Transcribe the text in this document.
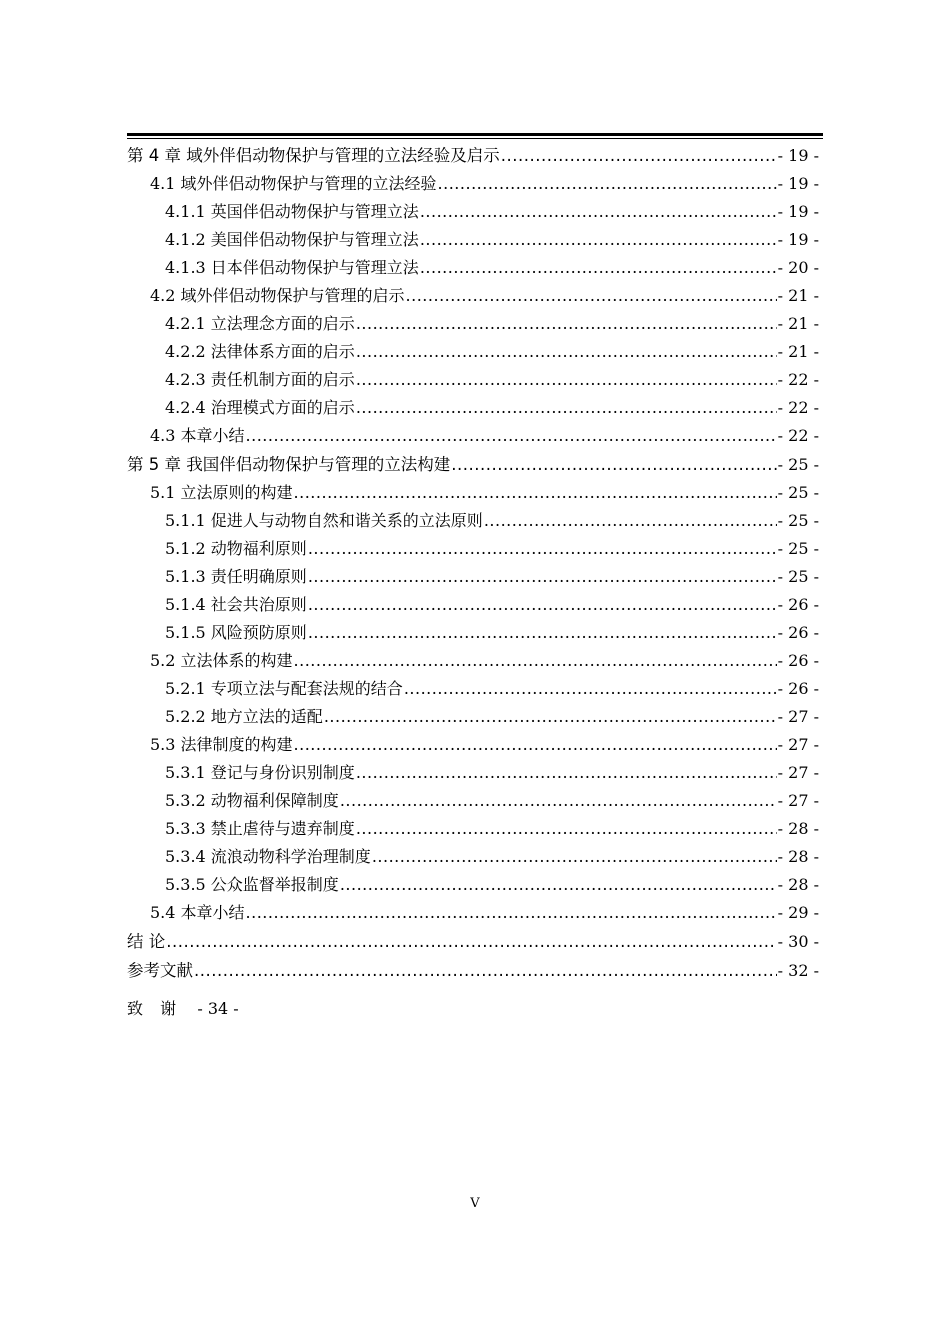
第 4 章 域外伴侣动物保护与管理的立法经验及启示 .....	- 19 -
4.1 域外伴侣动物保护与管理的立法经验 .....	- 19 -
4.1.1 英国伴侣动物保护与管理立法 .....	- 19 -
4.1.2 美国伴侣动物保护与管理立法 .....	- 19 -
4.1.3 日本伴侣动物保护与管理立法 .....	- 20 -
4.2 域外伴侣动物保护与管理的启示 .....	- 21 -
4.2.1 立法理念方面的启示 .....	- 21 -
4.2.2 法律体系方面的启示 .....	- 21 -
4.2.3 责任机制方面的启示 .....	- 22 -
4.2.4 治理模式方面的启示 .....	- 22 -
4.3 本章小结 .....	- 22 -
第 5 章 我国伴侣动物保护与管理的立法构建 .....	- 25 -
5.1 立法原则的构建 .....	- 25 -
5.1.1 促进人与动物自然和谐关系的立法原则 .....	- 25 -
5.1.2 动物福利原则 .....	- 25 -
5.1.3 责任明确原则 .....	- 25 -
5.1.4 社会共治原则 .....	- 26 -
5.1.5 风险预防原则 .....	- 26 -
5.2 立法体系的构建 .....	- 26 -
5.2.1 专项立法与配套法规的结合 .....	- 26 -
5.2.2 地方立法的适配 .....	- 27 -
5.3 法律制度的构建 .....	- 27 -
5.3.1 登记与身份识别制度 .....	- 27 -
5.3.2 动物福利保障制度 .....	- 27 -
5.3.3 禁止虐待与遗弃制度 .....	- 28 -
5.3.4 流浪动物科学治理制度 .....	- 28 -
5.3.5 公众监督举报制度 .....	- 28 -
5.4 本章小结 .....	- 29 -
结 论 .....	- 30 -
参考文献 .....	- 32 -
致 谢 - 34 -
V
